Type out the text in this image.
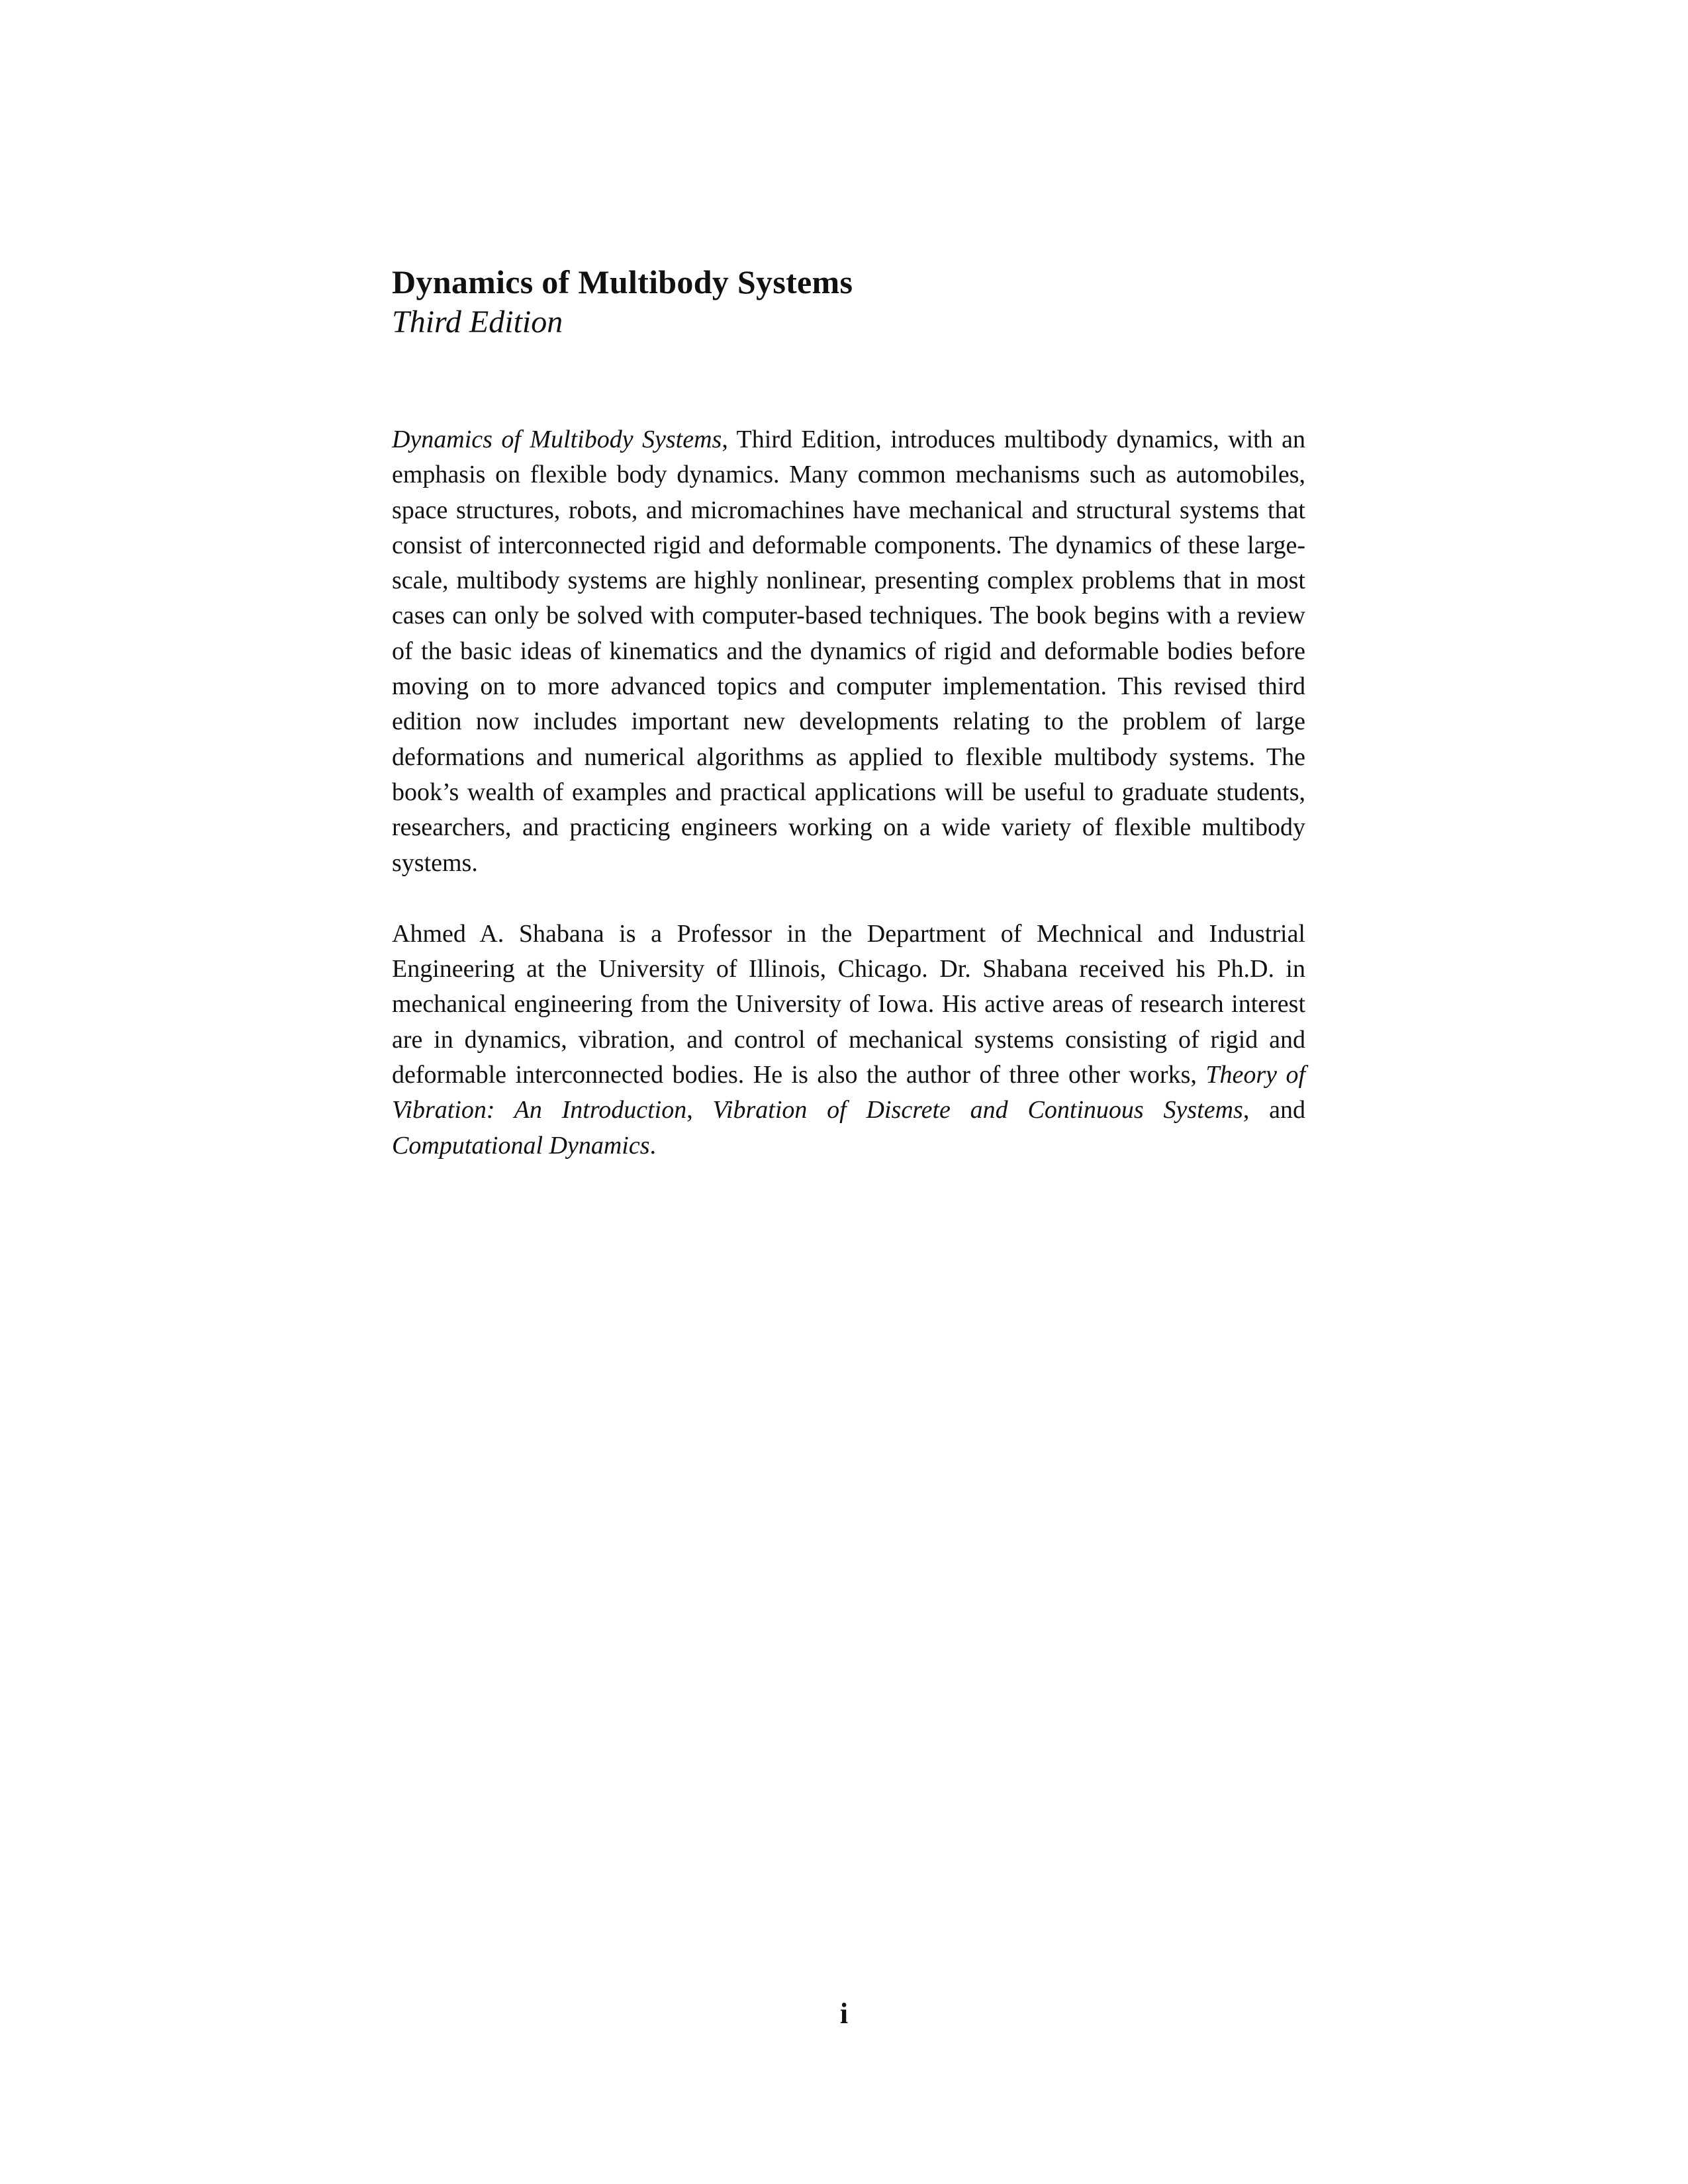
Dynamics of Multibody Systems

Third Edition

Dynamics of Multibody Systems, Third Edition, introduces multibody dynamics, with an emphasis on flexible body dynamics. Many common mechanisms such as automobiles, space structures, robots, and micromachines have mechanical and structural systems that consist of interconnected rigid and deformable components. The dynamics of these large-scale, multibody systems are highly nonlinear, presenting complex problems that in most cases can only be solved with computer-based techniques. The book begins with a review of the basic ideas of kinematics and the dynamics of rigid and deformable bodies before moving on to more advanced topics and computer implementation. This revised third edition now includes important new developments relating to the problem of large deformations and numerical algorithms as applied to flexible multibody systems. The book’s wealth of examples and practical applications will be useful to graduate students, researchers, and practicing engineers working on a wide variety of flexible multibody systems.

Ahmed A. Shabana is a Professor in the Department of Mechnical and Industrial Engineering at the University of Illinois, Chicago. Dr. Shabana received his Ph.D. in mechanical engineering from the University of Iowa. His active areas of research interest are in dynamics, vibration, and control of mechanical systems consisting of rigid and deformable interconnected bodies. He is also the author of three other works, Theory of Vibration: An Introduction, Vibration of Discrete and Continuous Systems, and Computational Dynamics.

i
